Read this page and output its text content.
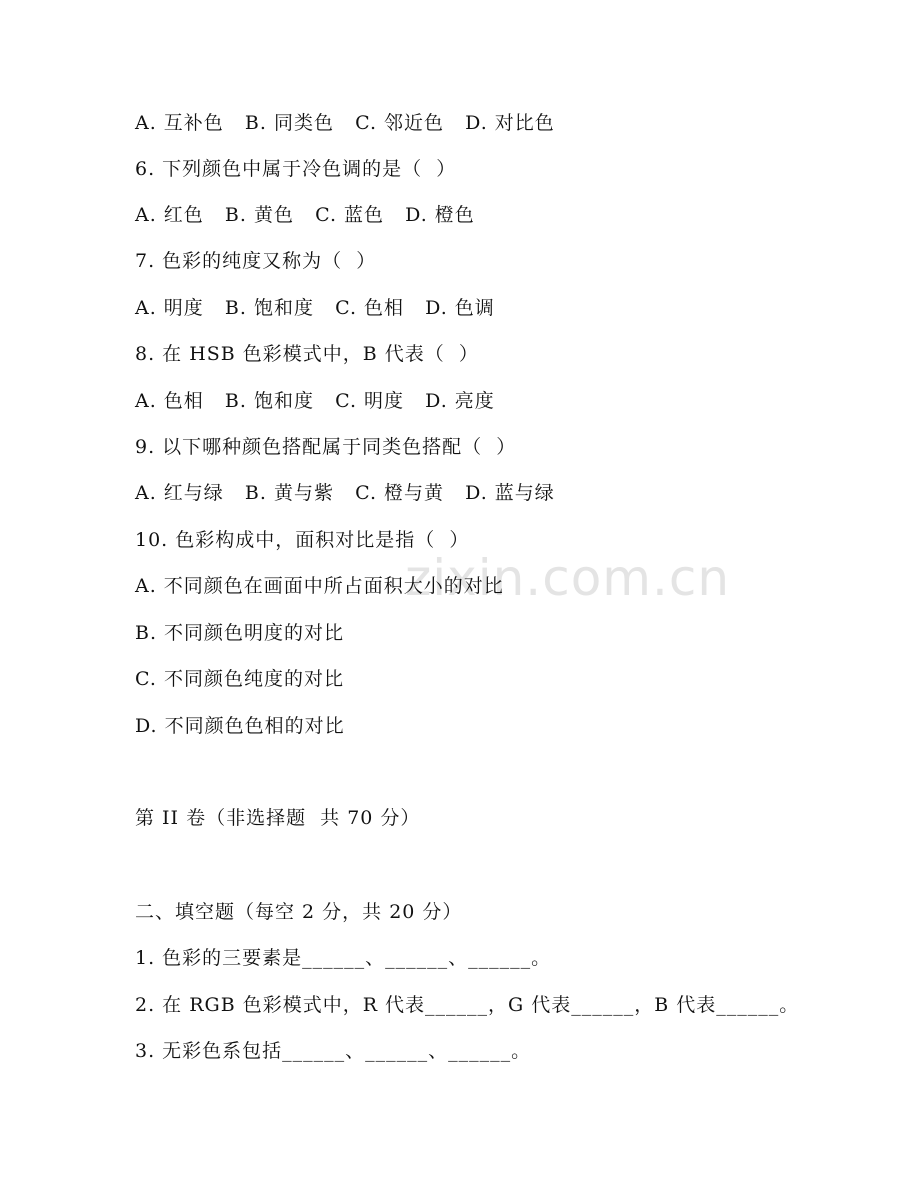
zixin.com.cn
A. 互补色   B. 同类色   C. 邻近色   D. 对比色
6. 下列颜色中属于冷色调的是（  ）
A. 红色   B. 黄色   C. 蓝色   D. 橙色
7. 色彩的纯度又称为（  ）
A. 明度   B. 饱和度   C. 色相   D. 色调
8. 在 HSB 色彩模式中，B 代表（  ）
A. 色相   B. 饱和度   C. 明度   D. 亮度
9. 以下哪种颜色搭配属于同类色搭配（  ）
A. 红与绿   B. 黄与紫   C. 橙与黄   D. 蓝与绿
10. 色彩构成中，面积对比是指（  ）
A. 不同颜色在画面中所占面积大小的对比
B. 不同颜色明度的对比
C. 不同颜色纯度的对比
D. 不同颜色色相的对比
第 II 卷（非选择题  共 70 分）
二、填空题（每空 2 分，共 20 分）
1. 色彩的三要素是______、______、______。
2. 在 RGB 色彩模式中，R 代表______，G 代表______，B 代表______。
3. 无彩色系包括______、______、______。
